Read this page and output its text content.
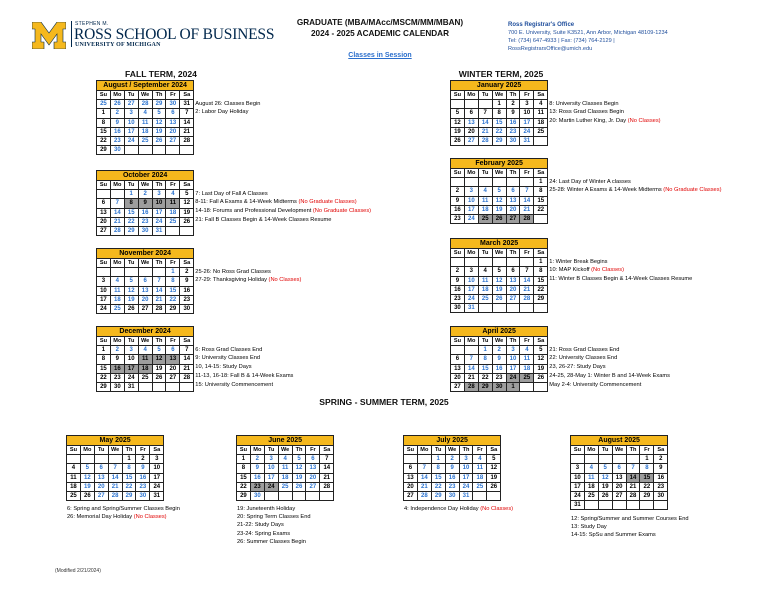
STEPHEN M.
ROSS SCHOOL OF BUSINESS
UNIVERSITY OF MICHIGAN
GRADUATE (MBA/MAcc/MSCM/MM/MBAN)
2024 - 2025 ACADEMIC CALENDAR
Classes in Session
Ross Registrar's Office
700 E. University, Suite K3521, Ann Arbor, Michigan 48109-1234
Tel: (734) 647-4933 | Fax: (734) 764-2129 |
RossRegistrarsOffice@umich.edu
FALL TERM, 2024	WINTER TERM, 2025
SPRING - SUMMER TERM, 2025
August / September 2024						
Su	Mo	Tu	We	Th	Fr	Sa
25	26	27	28	29	30	31
1	2	3	4	5	6	7
8	9	10	11	12	13	14
15	16	17	18	19	20	21
22	23	24	25	26	27	28
29	30					
August 26: Classes Begin
2: Labor Day Holiday
October 2024						
Su	Mo	Tu	We	Th	Fr	Sa
		1	2	3	4	5
6	7	8	9	10	11	12
13	14	15	16	17	18	19
20	21	22	23	24	25	26
27	28	29	30	31		
7: Last Day of Fall A Classes
8-11: Fall A Exams & 14-Week Midterms (No Graduate Classes)
14-18: Forums and Professional Development (No Graduate Classes)
21: Fall B Classes Begin & 14-Week Classes Resume
November 2024						
Su	Mo	Tu	We	Th	Fr	Sa
					1	2
3	4	5	6	7	8	9
10	11	12	13	14	15	16
17	18	19	20	21	22	23
24	25	26	27	28	29	30
25-26: No Ross Grad Classes
27-29: Thanksgiving Holiday (No Classes)
December 2024						
Su	Mo	Tu	We	Th	Fr	Sa
1	2	3	4	5	6	7
8	9	10	11	12	13	14
15	16	17	18	19	20	21
22	23	24	25	26	27	28
29	30	31				
6: Ross Grad Classes End
9: University Classes End
10, 14-15: Study Days
11-13, 16-18: Fall B & 14-Week Exams
15: University Commencement
January 2025						
Su	Mo	Tu	We	Th	Fr	Sa
			1	2	3	4
5	6	7	8	9	10	11
12	13	14	15	16	17	18
19	20	21	22	23	24	25
26	27	28	29	30	31	
8: University Classes Begin
13: Ross Grad Classes Begin
20: Martin Luther King, Jr. Day (No Classes)
February 2025						
Su	Mo	Tu	We	Th	Fr	Sa
						1
2	3	4	5	6	7	8
9	10	11	12	13	14	15
16	17	18	19	20	21	22
23	24	25	26	27	28	
24: Last Day of Winter A classes
25-28: Winter A Exams & 14-Week Midterms (No Graduate Classes)
March 2025						
Su	Mo	Tu	We	Th	Fr	Sa
						1
2	3	4	5	6	7	8
9	10	11	12	13	14	15
16	17	18	19	20	21	22
23	24	25	26	27	28	29
30	31					
1: Winter Break Begins
10: MAP Kickoff (No Classes)
11: Winter B Classes Begin & 14-Week Classes Resume
April 2025						
Su	Mo	Tu	We	Th	Fr	Sa
		1	2	3	4	5
6	7	8	9	10	11	12
13	14	15	16	17	18	19
20	21	22	23	24	25	26
27	28	29	30	1		
21: Ross Grad Classes End
22: University Classes End
23, 26-27: Study Days
24-25, 28-May 1: Winter B and 14-Week Exams
May 2-4: University Commencement
May 2025						
Su	Mo	Tu	We	Th	Fr	Sa
				1	2	3
4	5	6	7	8	9	10
11	12	13	14	15	16	17
18	19	20	21	22	23	24
25	26	27	28	29	30	31
6: Spring and Spring/Summer Classes Begin
26: Memorial Day Holiday (No Classes)
June 2025						
Su	Mo	Tu	We	Th	Fr	Sa
1	2	3	4	5	6	7
8	9	10	11	12	13	14
15	16	17	18	19	20	21
22	23	24	25	26	27	28
29	30					
19: Juneteenth Holiday
20: Spring Term Classes End
21-22: Study Days
23-24: Spring Exams
26: Summer Classes Begin
July 2025						
Su	Mo	Tu	We	Th	Fr	Sa
		1	2	3	4	5
6	7	8	9	10	11	12
13	14	15	16	17	18	19
20	21	22	23	24	25	26
27	28	29	30	31		
4: Independence Day Holiday (No Classes)
August 2025						
Su	Mo	Tu	We	Th	Fr	Sa
					1	2
3	4	5	6	7	8	9
10	11	12	13	14	15	16
17	18	19	20	21	22	23
24	25	26	27	28	29	30
31						
12: Spring/Summer and Summer Courses End
13: Study Day
14-15: SpSu and Summer Exams
(Modified 2/21/2024)
